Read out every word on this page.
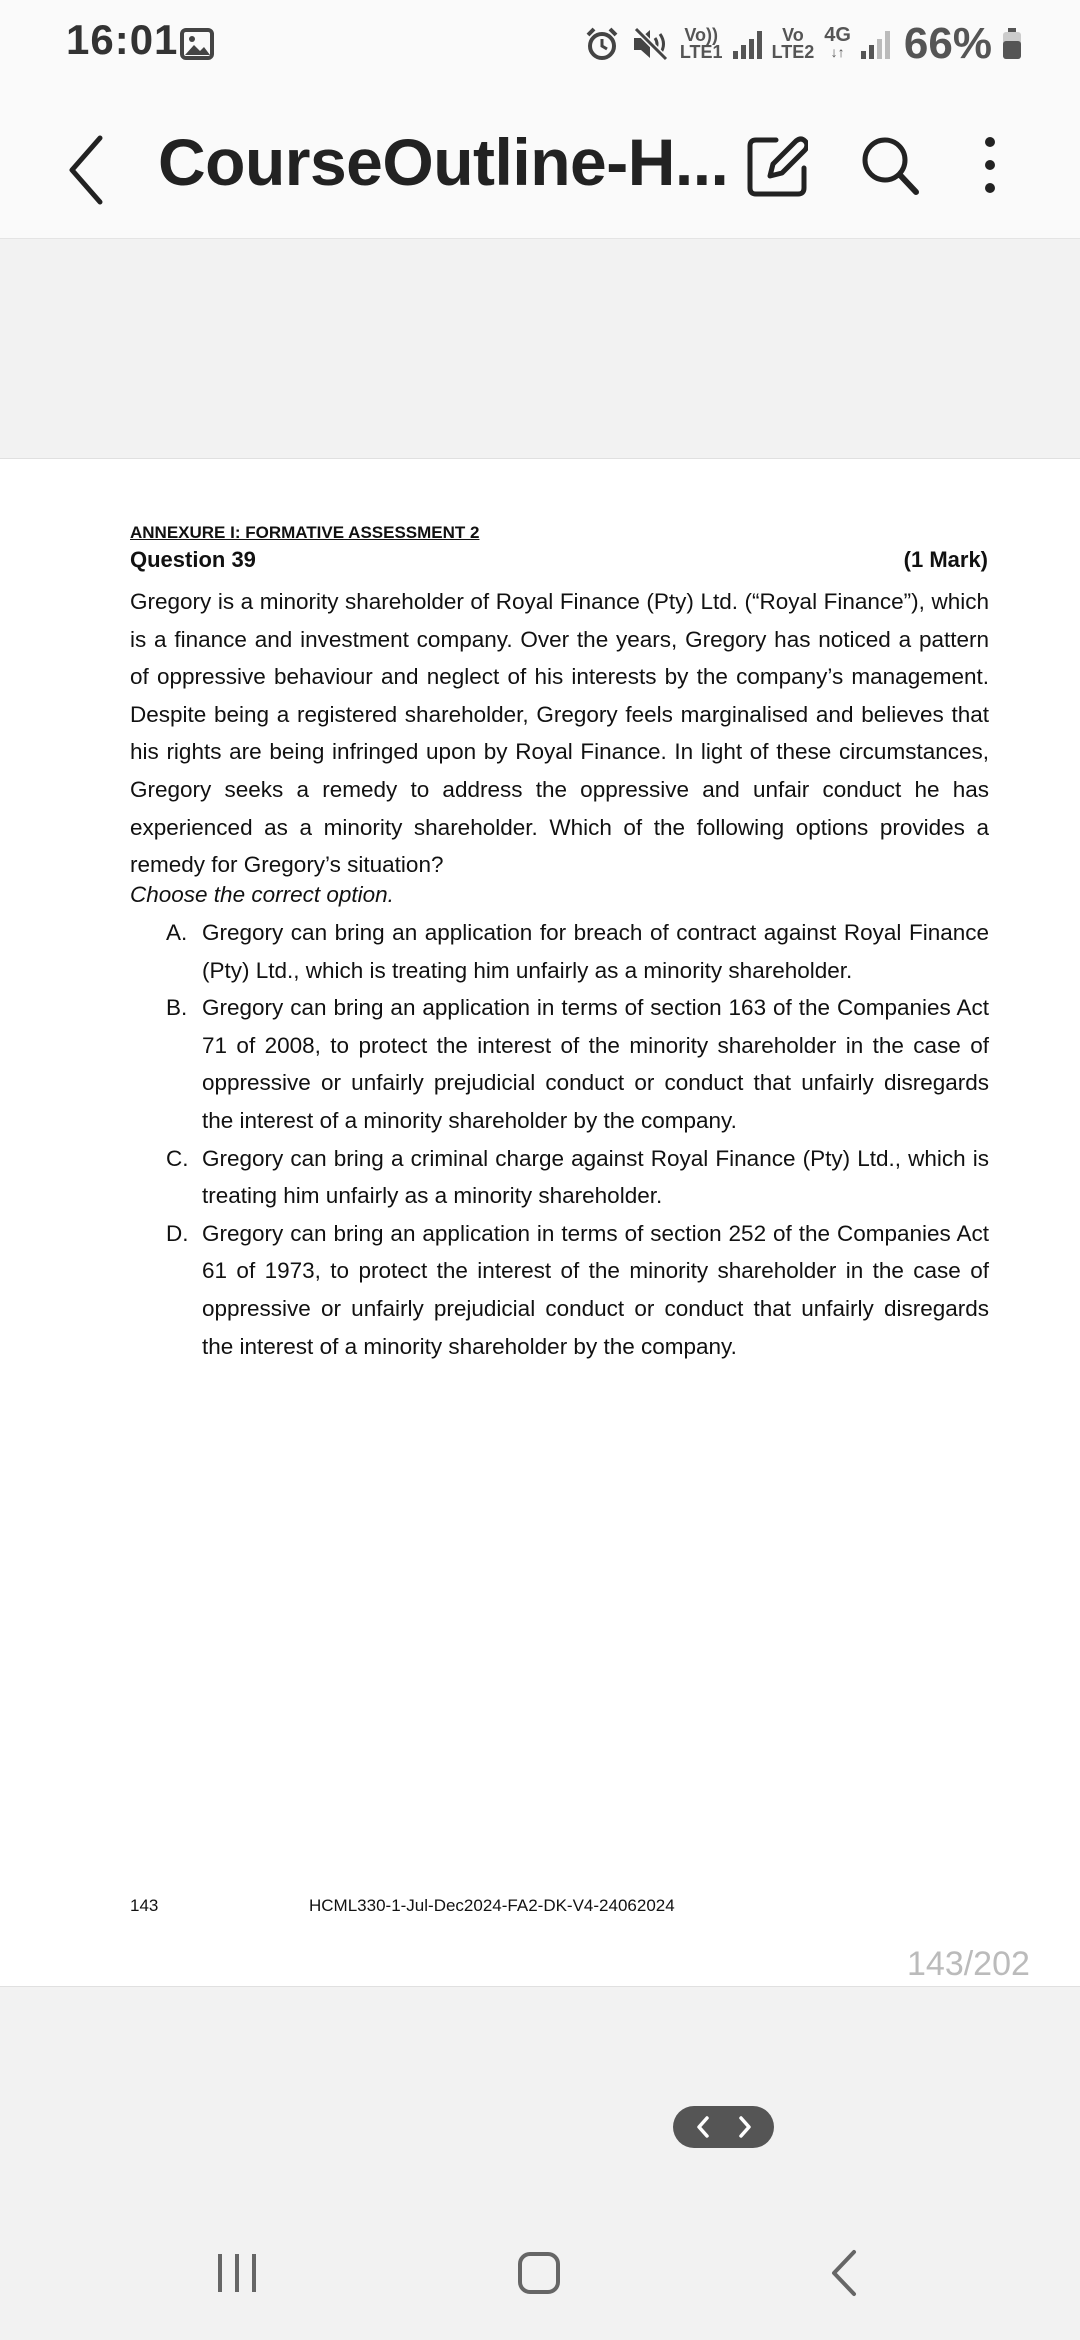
16:01	Vo))
LTE1
Vo
LTE2
4G
↓↑ 66%
CourseOutline-H...
ANNEXURE I: FORMATIVE ASSESSMENT 2
Question 39	(1 Mark)
Gregory is a minority shareholder of Royal Finance (Pty) Ltd. (“Royal Finance”), which is a finance and investment company. Over the years, Gregory has noticed a pattern of oppressive behaviour and neglect of his interests by the company’s management. Despite being a registered shareholder, Gregory feels marginalised and believes that his rights are being infringed upon by Royal Finance. In light of these circumstances, Gregory seeks a remedy to address the oppressive and unfair conduct he has experienced as a minority shareholder. Which of the following options provides a remedy for Gregory’s situation?
Choose the correct option.
A. Gregory can bring an application for breach of contract against Royal Finance (Pty) Ltd., which is treating him unfairly as a minority shareholder.
B. Gregory can bring an application in terms of section 163 of the Companies Act 71 of 2008, to protect the interest of the minority shareholder in the case of oppressive or unfairly prejudicial conduct or conduct that unfairly disregards the interest of a minority shareholder by the company.
C. Gregory can bring a criminal charge against Royal Finance (Pty) Ltd., which is treating him unfairly as a minority shareholder.
D. Gregory can bring an application in terms of section 252 of the Companies Act 61 of 1973, to protect the interest of the minority shareholder in the case of oppressive or unfairly prejudicial conduct or conduct that unfairly disregards the interest of a minority shareholder by the company.
143	HCML330-1-Jul-Dec2024-FA2-DK-V4-24062024
143/202
